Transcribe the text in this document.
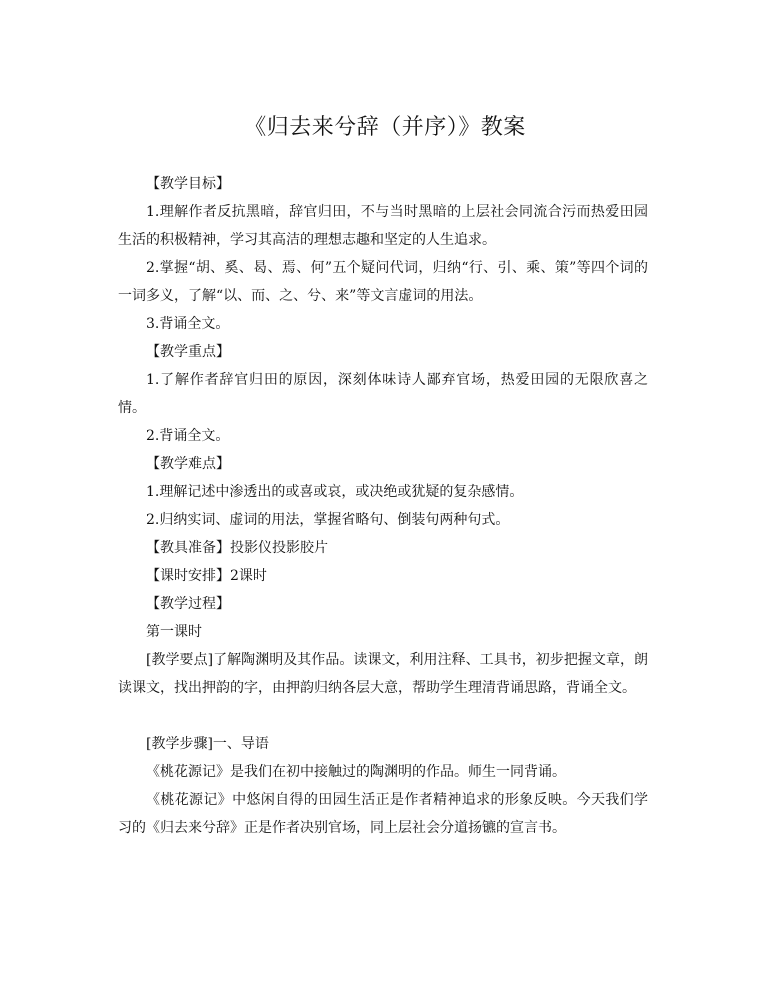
《归去来兮辞（并序）》教案

【教学目标】

1.理解作者反抗黑暗，辞官归田，不与当时黑暗的上层社会同流合污而热爱田园生活的积极精神，学习其高洁的理想志趣和坚定的人生追求。

2.掌握“胡、奚、曷、焉、何”五个疑问代词，归纳“行、引、乘、策”等四个词的一词多义，了解“以、而、之、兮、来”等文言虚词的用法。

3.背诵全文。

【教学重点】

1.了解作者辞官归田的原因，深刻体味诗人鄙弃官场，热爱田园的无限欣喜之情。

2.背诵全文。

【教学难点】

1.理解记述中渗透出的或喜或哀，或决绝或犹疑的复杂感情。

2.归纳实词、虚词的用法，掌握省略句、倒装句两种句式。

【教具准备】投影仪投影胶片

【课时安排】2课时

【教学过程】

第一课时

[教学要点]了解陶渊明及其作品。读课文，利用注释、工具书，初步把握文章，朗读课文，找出押韵的字，由押韵归纳各层大意，帮助学生理清背诵思路，背诵全文。

[教学步骤]一、导语

《桃花源记》是我们在初中接触过的陶渊明的作品。师生一同背诵。

《桃花源记》中悠闲自得的田园生活正是作者精神追求的形象反映。今天我们学习的《归去来兮辞》正是作者决别官场，同上层社会分道扬镳的宣言书。
